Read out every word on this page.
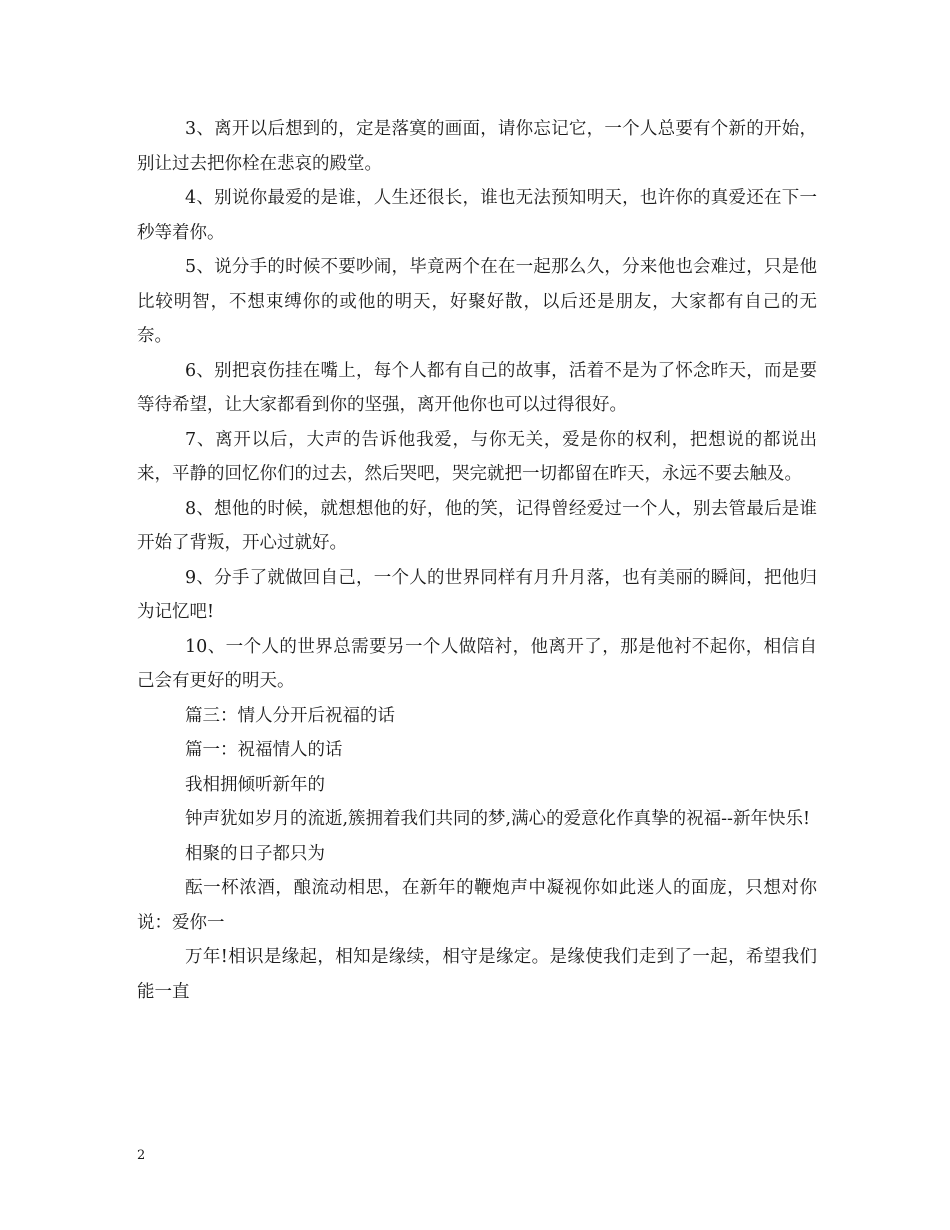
3、离开以后想到的，定是落寞的画面，请你忘记它，一个人总要有个新的开始，别让过去把你栓在悲哀的殿堂。

4、别说你最爱的是谁，人生还很长，谁也无法预知明天，也许你的真爱还在下一秒等着你。

5、说分手的时候不要吵闹，毕竟两个在在一起那么久，分来他也会难过，只是他比较明智，不想束缚你的或他的明天，好聚好散，以后还是朋友，大家都有自己的无奈。

6、别把哀伤挂在嘴上，每个人都有自己的故事，活着不是为了怀念昨天，而是要等待希望，让大家都看到你的坚强，离开他你也可以过得很好。

7、离开以后，大声的告诉他我爱，与你无关，爱是你的权利，把想说的都说出来，平静的回忆你们的过去，然后哭吧，哭完就把一切都留在昨天，永远不要去触及。

8、想他的时候，就想想他的好，他的笑，记得曾经爱过一个人，别去管最后是谁开始了背叛，开心过就好。

9、分手了就做回自己，一个人的世界同样有月升月落，也有美丽的瞬间，把他归为记忆吧!

10、一个人的世界总需要另一个人做陪衬，他离开了，那是他衬不起你，相信自己会有更好的明天。

篇三：情人分开后祝福的话

篇一：祝福情人的话

我相拥倾听新年的

钟声犹如岁月的流逝,簇拥着我们共同的梦,满心的爱意化作真挚的祝福--新年快乐!

相聚的日子都只为

酝一杯浓酒，酿流动相思，在新年的鞭炮声中凝视你如此迷人的面庞，只想对你说：爱你一

万年!相识是缘起，相知是缘续，相守是缘定。是缘使我们走到了一起，希望我们能一直

2
